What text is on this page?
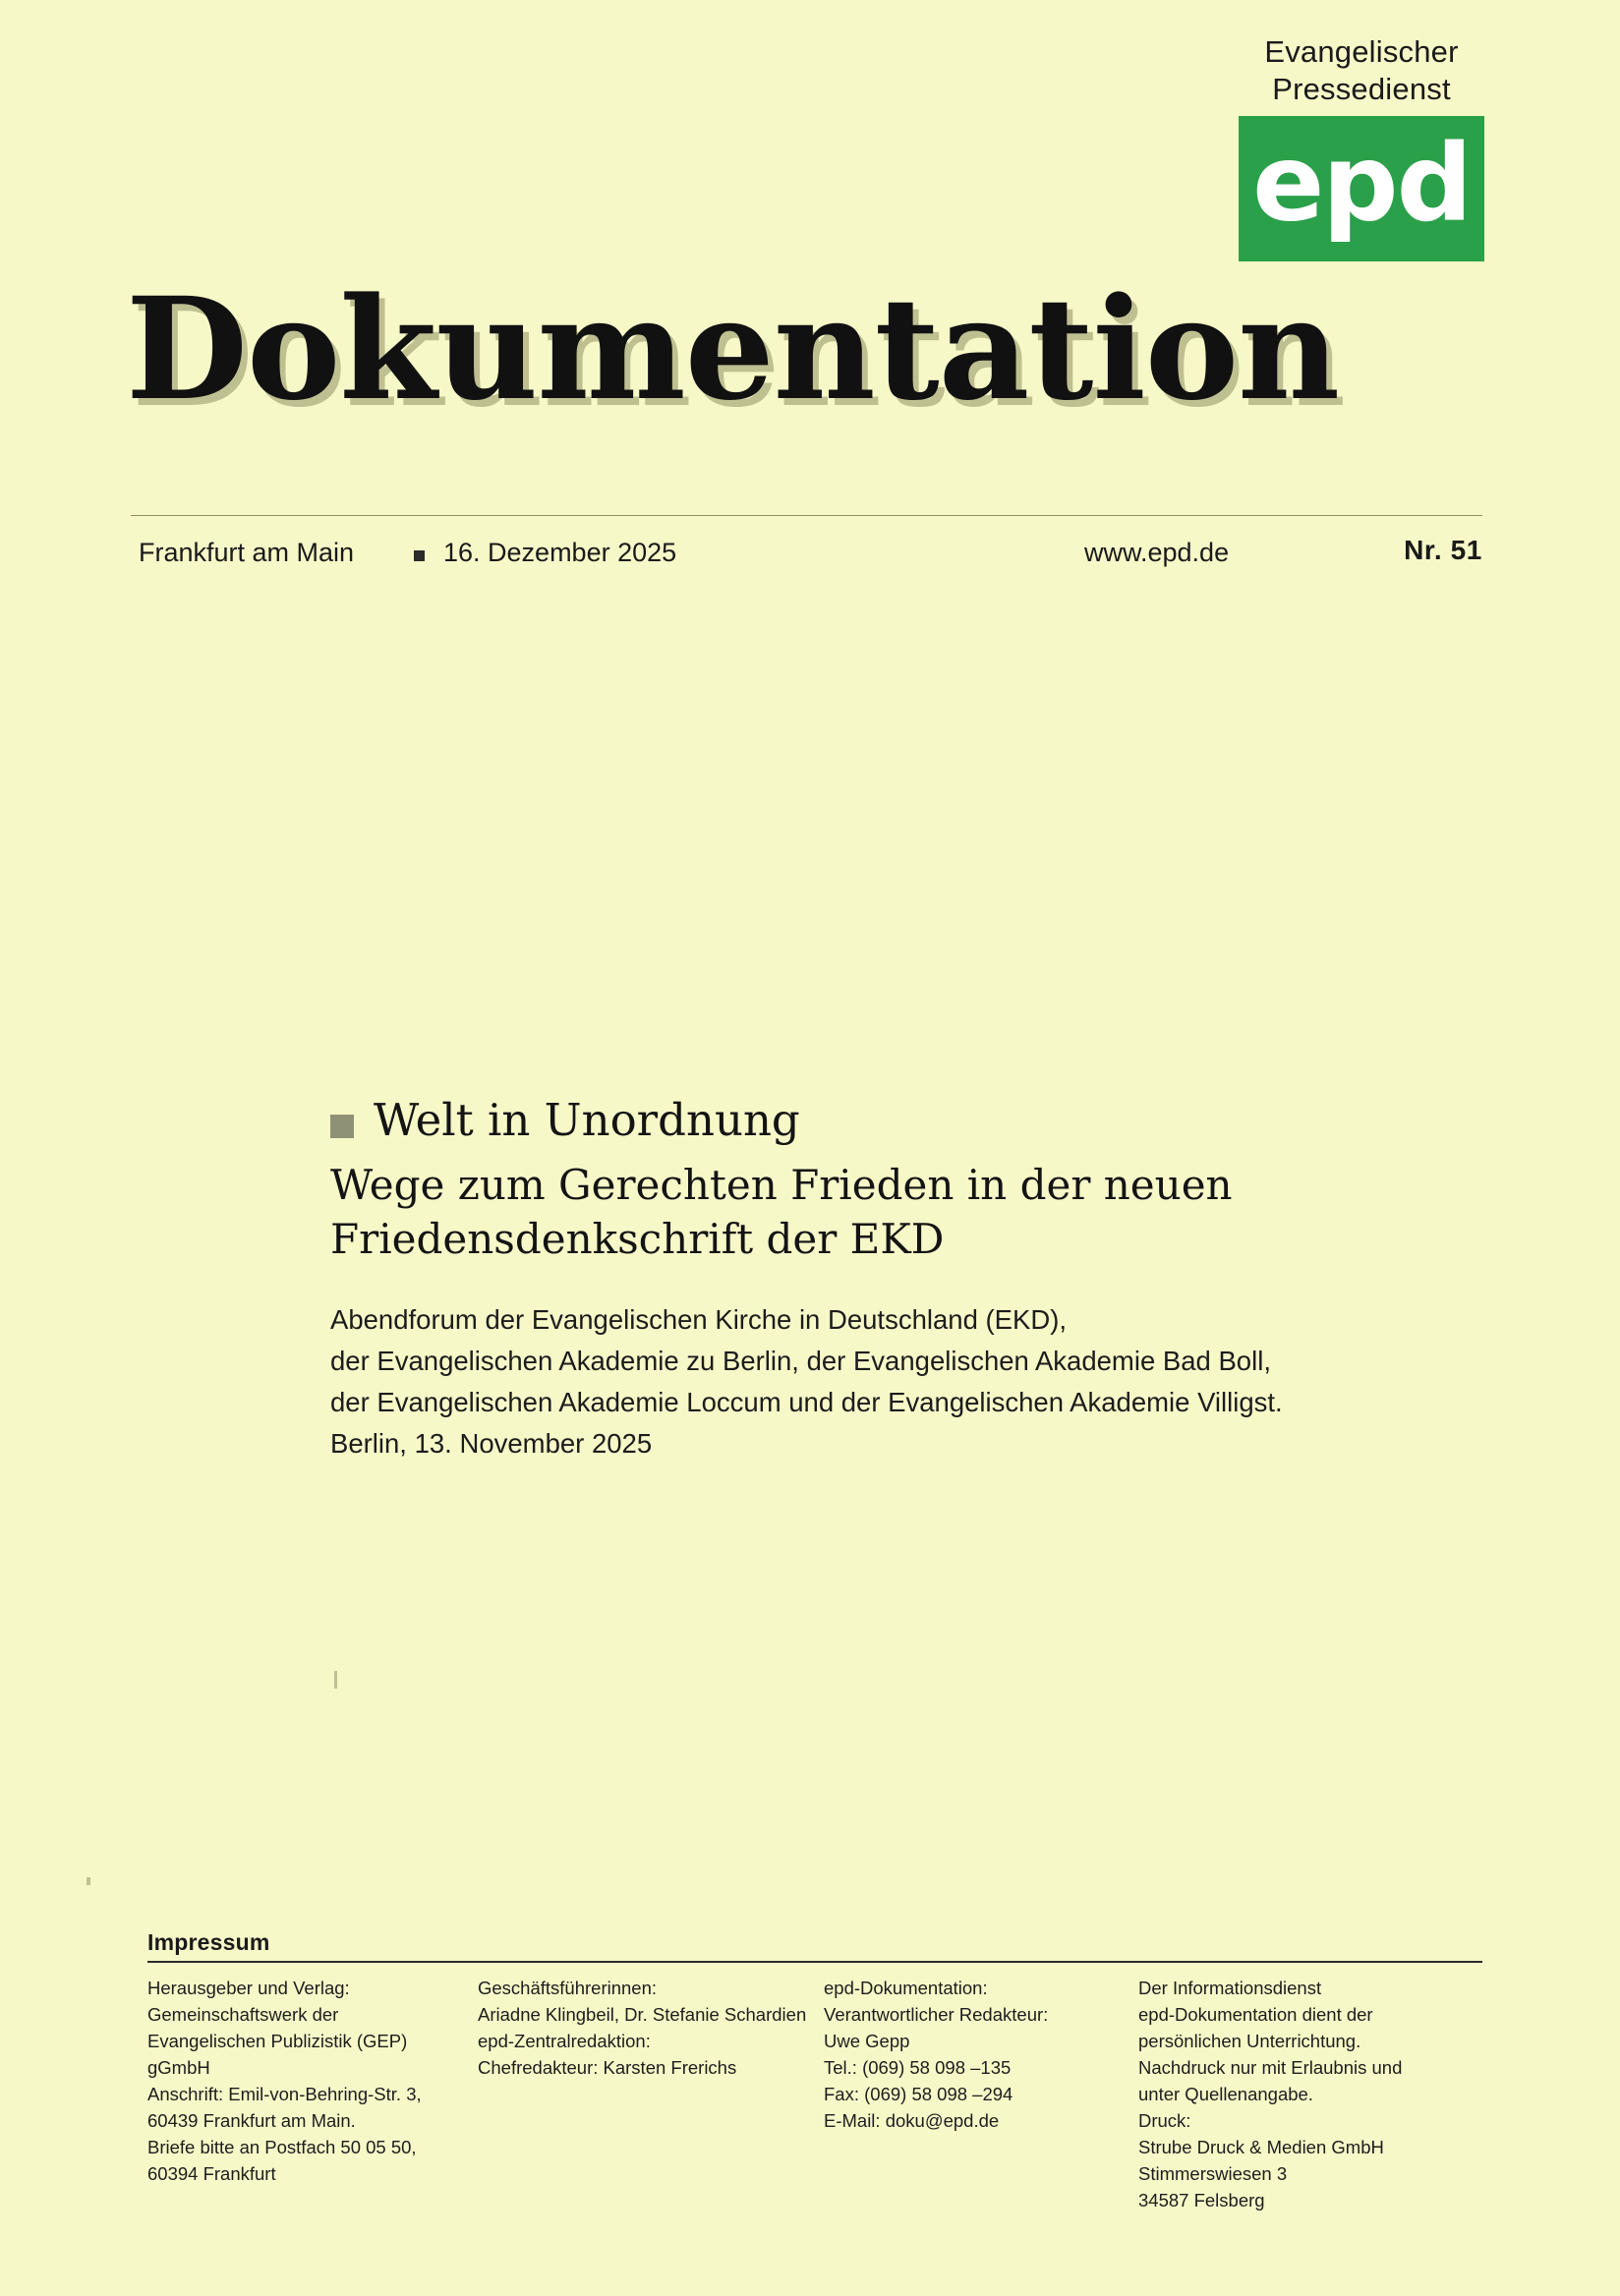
Evangelischer
Pressedienst
epd
Dokumentation
Frankfurt am Main	16. Dezember 2025	www.epd.de	Nr. 51
Welt in Unordnung
Wege zum Gerechten Frieden in der neuen
Friedensdenkschrift der EKD
Abendforum der Evangelischen Kirche in Deutschland (EKD),
der Evangelischen Akademie zu Berlin, der Evangelischen Akademie Bad Boll,
der Evangelischen Akademie Loccum und der Evangelischen Akademie Villigst.
Berlin, 13. November 2025
Impressum
Herausgeber und Verlag:
Gemeinschaftswerk der
Evangelischen Publizistik (GEP)
gGmbH
Anschrift: Emil-von-Behring-Str. 3,
60439 Frankfurt am Main.
Briefe bitte an Postfach 50 05 50,
60394 Frankfurt
Geschäftsführerinnen:
Ariadne Klingbeil, Dr. Stefanie Schardien
epd-Zentralredaktion:
Chefredakteur: Karsten Frerichs
epd-Dokumentation:
Verantwortlicher Redakteur:
Uwe Gepp
Tel.: (069) 58 098 –135
Fax: (069) 58 098 –294
E-Mail: doku@epd.de
Der Informationsdienst
epd-Dokumentation dient der
persönlichen Unterrichtung.
Nachdruck nur mit Erlaubnis und
unter Quellenangabe.
Druck:
Strube Druck & Medien GmbH
Stimmerswiesen 3
34587 Felsberg
